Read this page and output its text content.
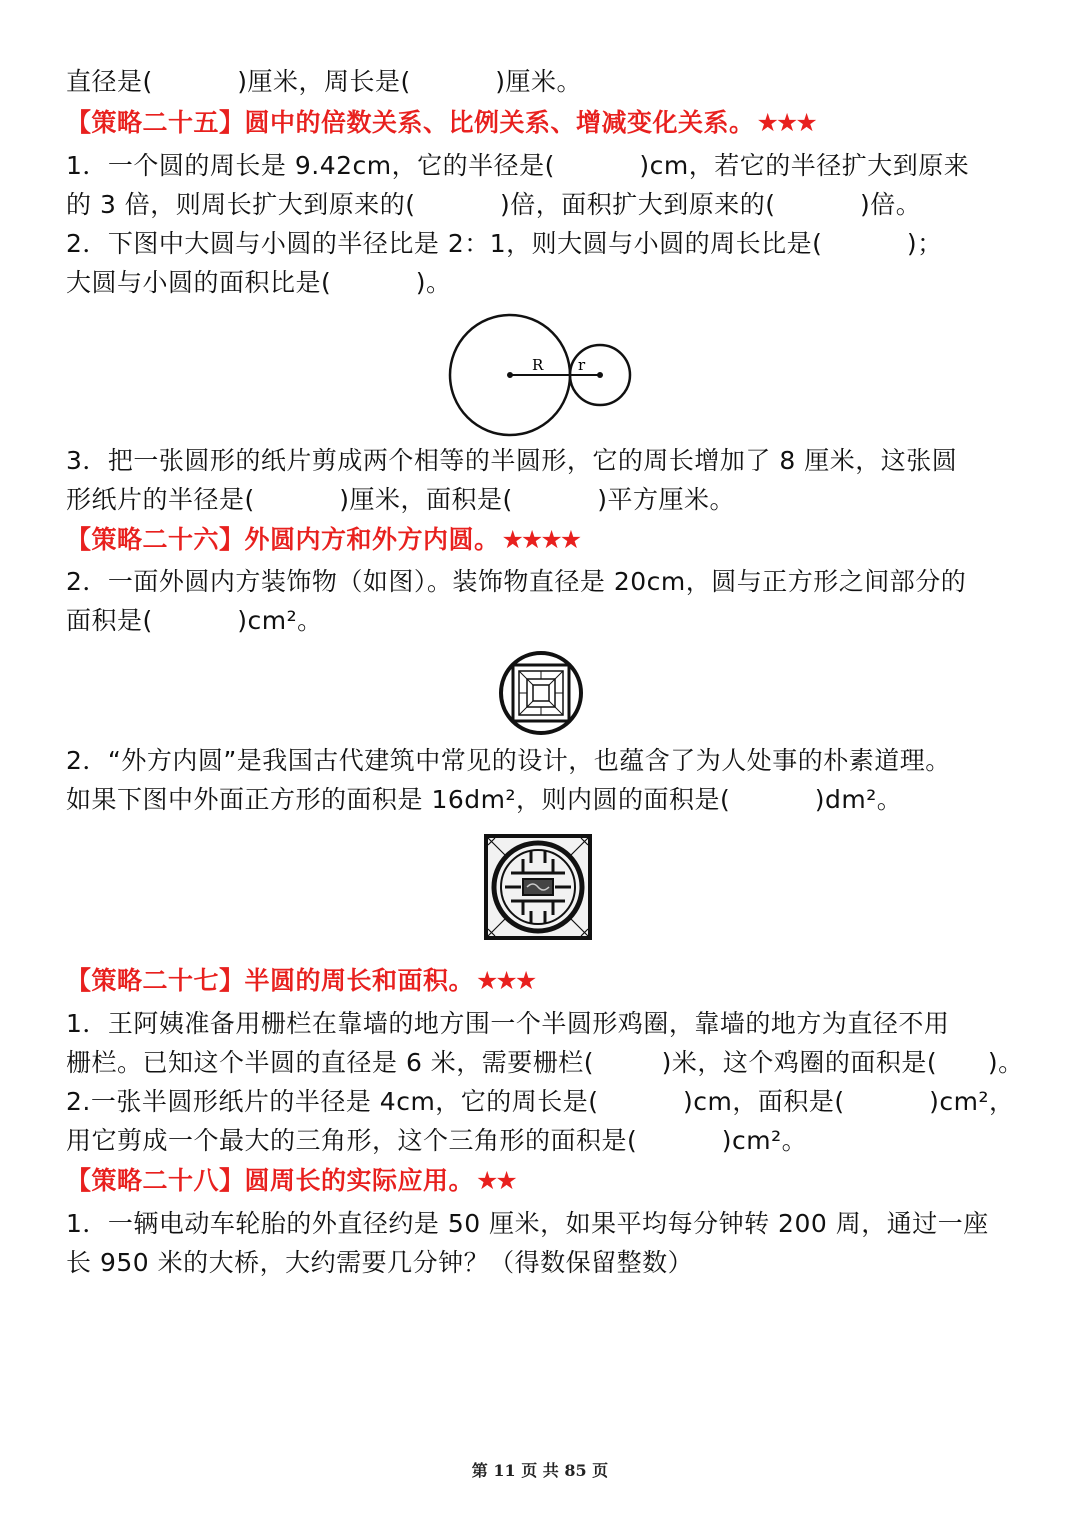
直径是(          )厘米，周长是(          )厘米。
【策略二十五】圆中的倍数关系、比例关系、增减变化关系。★★★
1．一个圆的周长是 9.42cm，它的半径是(          )cm，若它的半径扩大到原来
的 3 倍，则周长扩大到原来的(          )倍，面积扩大到原来的(          )倍。
2．下图中大圆与小圆的半径比是 2：1，则大圆与小圆的周长比是(          )；
大圆与小圆的面积比是(          )。
R r
3．把一张圆形的纸片剪成两个相等的半圆形，它的周长增加了 8 厘米，这张圆
形纸片的半径是(          )厘米，面积是(          )平方厘米。
【策略二十六】外圆内方和外方内圆。★★★★
2．一面外圆内方装饰物（如图）。装饰物直径是 20cm，圆与正方形之间部分的
面积是(          )cm²。
2．“外方内圆”是我国古代建筑中常见的设计，也蕴含了为人处事的朴素道理。
如果下图中外面正方形的面积是 16dm²，则内圆的面积是(          )dm²。
【策略二十七】半圆的周长和面积。★★★
1．王阿姨准备用栅栏在靠墙的地方围一个半圆形鸡圈，靠墙的地方为直径不用
栅栏。已知这个半圆的直径是 6 米，需要栅栏(        )米，这个鸡圈的面积是(      )。
2.一张半圆形纸片的半径是 4cm，它的周长是(          )cm，面积是(          )cm²，
用它剪成一个最大的三角形，这个三角形的面积是(          )cm²。
【策略二十八】圆周长的实际应用。★★
1．一辆电动车轮胎的外直径约是 50 厘米，如果平均每分钟转 200 周，通过一座
长 950 米的大桥，大约需要几分钟？（得数保留整数）
第 11 页 共 85 页
